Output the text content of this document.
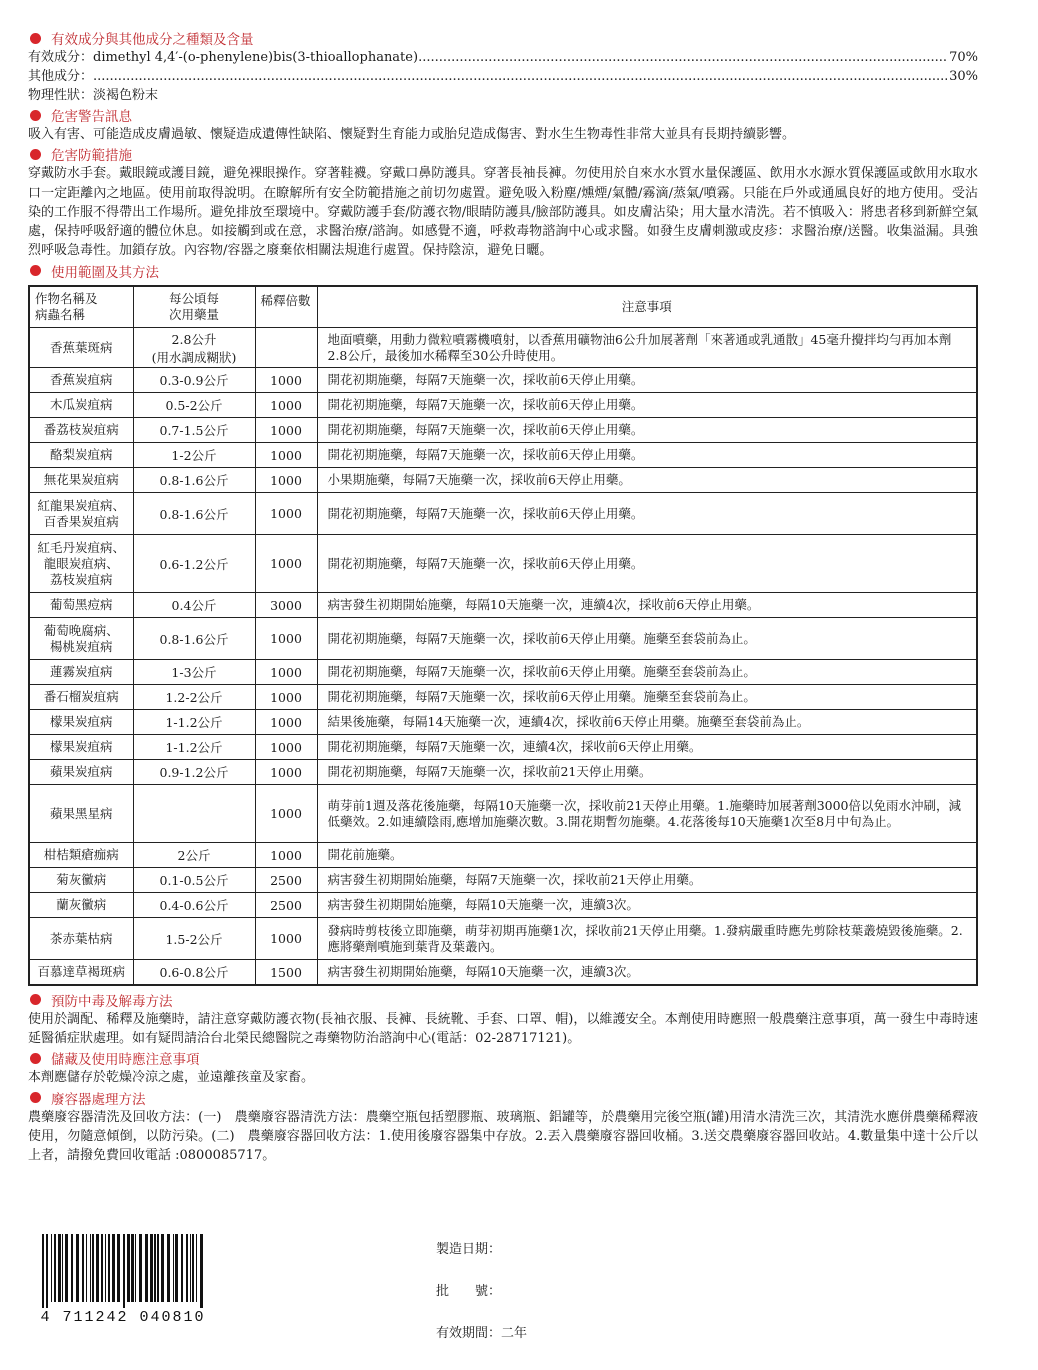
有效成分與其他成分之種類及含量
有效成分：dimethyl 4,4′-(o-phenylene)bis(3-thioallophanate) .....	70%
其他成分： .....	30%
物理性狀：淡褐色粉末
危害警告訊息

吸入有害、可能造成皮膚過敏、懷疑造成遺傳性缺陷、懷疑對生育能力或胎兒造成傷害、對水生生物毒性非常大並具有長期持續影響。

危害防範措施

穿戴防水手套。戴眼鏡或護目鏡，避免裸眼操作。穿著鞋襪。穿戴口鼻防護具。穿著長袖長褲。勿使用於自來水水質水量保護區、飲用水水源水質保護區或飲用水取水口一定距離內之地區。使用前取得說明。在瞭解所有安全防範措施之前切勿處置。避免吸入粉塵/燻煙/氣體/霧滴/蒸氣/噴霧。只能在戶外或通風良好的地方使用。受沾染的工作服不得帶出工作場所。避免排放至環境中。穿戴防護手套/防護衣物/眼睛防護具/臉部防護具。如皮膚沾染；用大量水清洗。若不慎吸入：將患者移到新鮮空氣處，保持呼吸舒適的體位休息。如接觸到或在意，求醫治療/諮詢。如感覺不適，呼救毒物諮詢中心或求醫。如發生皮膚刺激或皮疹：求醫治療/送醫。收集溢漏。具強烈呼吸急毒性。加鎖存放。內容物/容器之廢棄依相關法規進行處置。保持陰涼，避免日曬。

使用範圍及其方法
作物名稱及
病蟲名稱	每公頃每
次用藥量	稀釋倍數	注意事項
香蕉葉斑病	2.8公升
(用水調成糊狀)		地面噴藥，用動力微粒噴霧機噴射，以香蕉用礦物油6公升加展著劑「來著通或乳通散」45毫升攪拌均勻再加本劑2.8公斤，最後加水稀釋至30公升時使用。
香蕉炭疽病	0.3-0.9公斤	1000	開花初期施藥，每隔7天施藥一次，採收前6天停止用藥。
木瓜炭疽病	0.5-2公斤	1000	開花初期施藥，每隔7天施藥一次，採收前6天停止用藥。
番荔枝炭疽病	0.7-1.5公斤	1000	開花初期施藥，每隔7天施藥一次，採收前6天停止用藥。
酪梨炭疽病	1-2公斤	1000	開花初期施藥，每隔7天施藥一次，採收前6天停止用藥。
無花果炭疽病	0.8-1.6公斤	1000	小果期施藥，每隔7天施藥一次，採收前6天停止用藥。
紅龍果炭疽病、
百香果炭疽病	0.8-1.6公斤	1000	開花初期施藥，每隔7天施藥一次，採收前6天停止用藥。
紅毛丹炭疽病、
龍眼炭疽病、
荔枝炭疽病	0.6-1.2公斤	1000	開花初期施藥，每隔7天施藥一次，採收前6天停止用藥。
葡萄黑痘病	0.4公斤	3000	病害發生初期開始施藥，每隔10天施藥一次，連續4次，採收前6天停止用藥。
葡萄晚腐病、
楊桃炭疽病	0.8-1.6公斤	1000	開花初期施藥，每隔7天施藥一次，採收前6天停止用藥。施藥至套袋前為止。
蓮霧炭疽病	1-3公斤	1000	開花初期施藥，每隔7天施藥一次，採收前6天停止用藥。施藥至套袋前為止。
番石榴炭疽病	1.2-2公斤	1000	開花初期施藥，每隔7天施藥一次，採收前6天停止用藥。施藥至套袋前為止。
檬果炭疽病	1-1.2公斤	1000	結果後施藥，每隔14天施藥一次，連續4次，採收前6天停止用藥。施藥至套袋前為止。
檬果炭疽病	1-1.2公斤	1000	開花初期施藥，每隔7天施藥一次，連續4次，採收前6天停止用藥。
蘋果炭疽病	0.9-1.2公斤	1000	開花初期施藥，每隔7天施藥一次，採收前21天停止用藥。
蘋果黑星病		1000	萌芽前1週及落花後施藥，每隔10天施藥一次，採收前21天停止用藥。1.施藥時加展著劑3000倍以免雨水沖刷，減低藥效。2.如連續陰雨,應增加施藥次數。3.開花期暫勿施藥。4.花落後每10天施藥1次至8月中旬為止。
柑桔類瘡痂病	2公斤	1000	開花前施藥。
菊灰黴病	0.1-0.5公斤	2500	病害發生初期開始施藥，每隔7天施藥一次，採收前21天停止用藥。
蘭灰黴病	0.4-0.6公斤	2500	病害發生初期開始施藥，每隔10天施藥一次，連續3次。
茶赤葉枯病	1.5-2公斤	1000	發病時剪枝後立即施藥，萌芽初期再施藥1次，採收前21天停止用藥。1.發病嚴重時應先剪除枝葉叢燒毀後施藥。2.應將藥劑噴施到葉背及葉叢內。
百慕達草褐斑病	0.6-0.8公斤	1500	病害發生初期開始施藥，每隔10天施藥一次，連續3次。
預防中毒及解毒方法

使用於調配、稀釋及施藥時，請注意穿戴防護衣物(長袖衣服、長褲、長統靴、手套、口罩、帽)，以維護安全。本劑使用時應照一般農藥注意事項，萬一發生中毒時速延醫循症狀處理。如有疑問請洽台北榮民總醫院之毒藥物防治諮詢中心(電話：02-28717121)。

儲藏及使用時應注意事項

本劑應儲存於乾燥冷涼之處，並遠離孩童及家畜。

廢容器處理方法

農藥廢容器清洗及回收方法：(一)　農藥廢容器清洗方法：農藥空瓶包括塑膠瓶、玻璃瓶、鋁罐等，於農藥用完後空瓶(罐)用清水清洗三次，其清洗水應併農藥稀釋液使用，勿隨意傾倒，以防污染。(二)　農藥廢容器回收方法：1.使用後廢容器集中存放。2.丟入農藥廢容器回收桶。3.送交農藥廢容器回收站。4.數量集中達十公斤以上者，請撥免費回收電話 :0800085717。

4 711242 040810
製造日期：
批　　號：
有效期間：二年
